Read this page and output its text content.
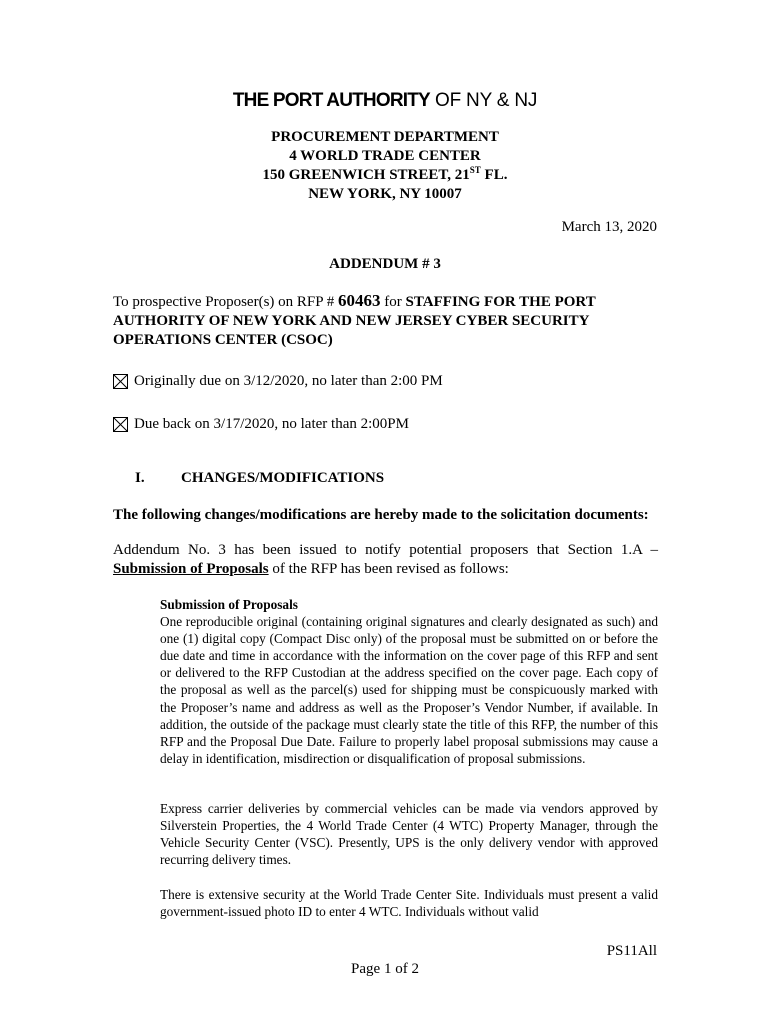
THE PORT AUTHORITY OF NY & NJ
PROCUREMENT DEPARTMENT
4 WORLD TRADE CENTER
150 GREENWICH STREET, 21ST FL.
NEW YORK, NY 10007
March 13, 2020
ADDENDUM # 3
To prospective Proposer(s) on RFP # 60463 for STAFFING FOR THE PORT AUTHORITY OF NEW YORK AND NEW JERSEY CYBER SECURITY OPERATIONS CENTER (CSOC)
Originally due on 3/12/2020, no later than 2:00 PM
Due back on 3/17/2020, no later than 2:00PM
I. CHANGES/MODIFICATIONS
The following changes/modifications are hereby made to the solicitation documents:
Addendum No. 3 has been issued to notify potential proposers that Section 1.A – Submission of Proposals of the RFP has been revised as follows:
Submission of Proposals
One reproducible original (containing original signatures and clearly designated as such) and one (1) digital copy (Compact Disc only) of the proposal must be submitted on or before the due date and time in accordance with the information on the cover page of this RFP and sent or delivered to the RFP Custodian at the address specified on the cover page. Each copy of the proposal as well as the parcel(s) used for shipping must be conspicuously marked with the Proposer’s name and address as well as the Proposer’s Vendor Number, if available. In addition, the outside of the package must clearly state the title of this RFP, the number of this RFP and the Proposal Due Date. Failure to properly label proposal submissions may cause a delay in identification, misdirection or disqualification of proposal submissions.
Express carrier deliveries by commercial vehicles can be made via vendors approved by Silverstein Properties, the 4 World Trade Center (4 WTC) Property Manager, through the Vehicle Security Center (VSC). Presently, UPS is the only delivery vendor with approved recurring delivery times.
There is extensive security at the World Trade Center Site. Individuals must present a valid government-issued photo ID to enter 4 WTC. Individuals without valid
PS11All
Page 1 of 2
